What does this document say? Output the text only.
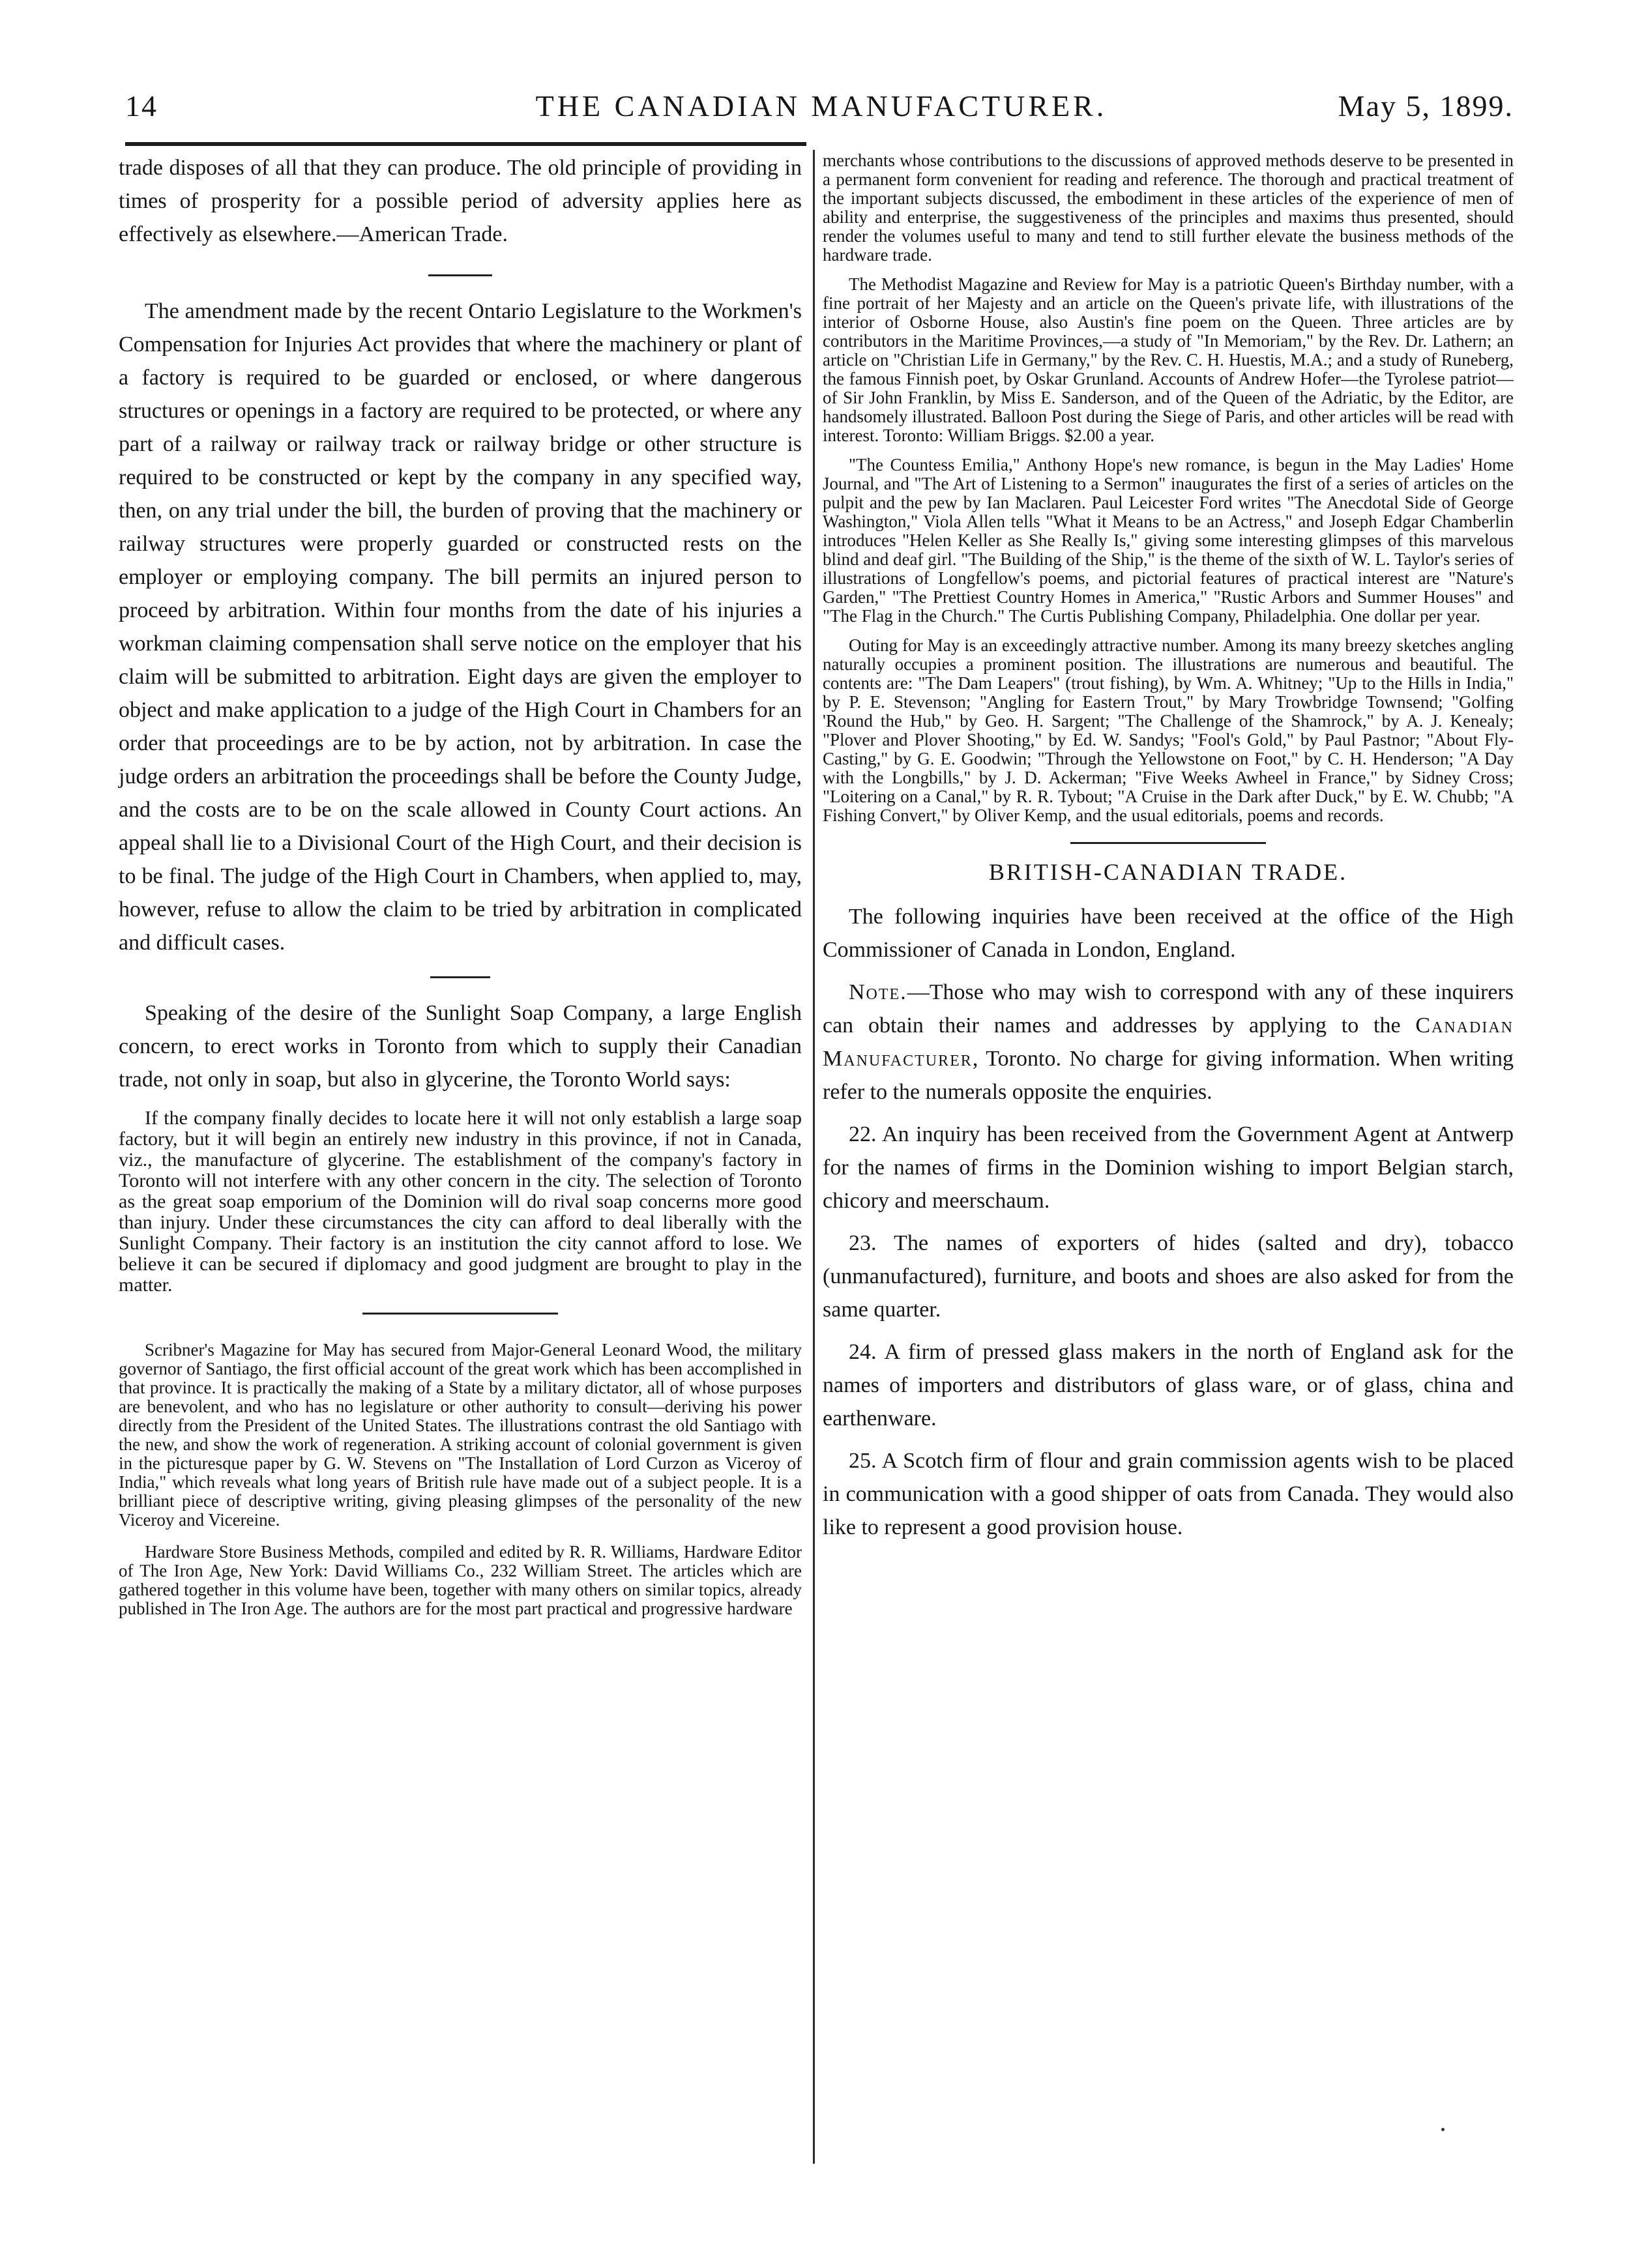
14	THE CANADIAN MANUFACTURER.	May 5, 1899.

trade disposes of all that they can produce. The old principle of providing in times of prosperity for a possible period of adversity applies here as effectively as elsewhere.—American Trade.

The amendment made by the recent Ontario Legislature to the Workmen's Compensation for Injuries Act provides that where the machinery or plant of a factory is required to be guarded or enclosed, or where dangerous structures or openings in a factory are required to be protected, or where any part of a railway or railway track or railway bridge or other structure is required to be constructed or kept by the company in any specified way, then, on any trial under the bill, the burden of proving that the machinery or railway structures were properly guarded or constructed rests on the employer or employing company. The bill permits an injured person to proceed by arbitration. Within four months from the date of his injuries a workman claiming compensation shall serve notice on the employer that his claim will be submitted to arbitration. Eight days are given the employer to object and make application to a judge of the High Court in Chambers for an order that proceedings are to be by action, not by arbitration. In case the judge orders an arbitration the proceedings shall be before the County Judge, and the costs are to be on the scale allowed in County Court actions. An appeal shall lie to a Divisional Court of the High Court, and their decision is to be final. The judge of the High Court in Chambers, when applied to, may, however, refuse to allow the claim to be tried by arbitration in complicated and difficult cases.

Speaking of the desire of the Sunlight Soap Company, a large English concern, to erect works in Toronto from which to supply their Canadian trade, not only in soap, but also in glycerine, the Toronto World says:

If the company finally decides to locate here it will not only establish a large soap factory, but it will begin an entirely new industry in this province, if not in Canada, viz., the manufacture of glycerine. The establishment of the company's factory in Toronto will not interfere with any other concern in the city. The selection of Toronto as the great soap emporium of the Dominion will do rival soap concerns more good than injury. Under these circumstances the city can afford to deal liberally with the Sunlight Company. Their factory is an institution the city cannot afford to lose. We believe it can be secured if diplomacy and good judgment are brought to play in the matter.

Scribner's Magazine for May has secured from Major-General Leonard Wood, the military governor of Santiago, the first official account of the great work which has been accomplished in that province. It is practically the making of a State by a military dictator, all of whose purposes are benevolent, and who has no legislature or other authority to consult—deriving his power directly from the President of the United States. The illustrations contrast the old Santiago with the new, and show the work of regeneration. A striking account of colonial government is given in the picturesque paper by G. W. Stevens on "The Installation of Lord Curzon as Viceroy of India," which reveals what long years of British rule have made out of a subject people. It is a brilliant piece of descriptive writing, giving pleasing glimpses of the personality of the new Viceroy and Vicereine.

Hardware Store Business Methods, compiled and edited by R. R. Williams, Hardware Editor of The Iron Age, New York: David Williams Co., 232 William Street. The articles which are gathered together in this volume have been, together with many others on similar topics, already published in The Iron Age. The authors are for the most part practical and progressive hardware

merchants whose contributions to the discussions of approved methods deserve to be presented in a permanent form convenient for reading and reference. The thorough and practical treatment of the important subjects discussed, the embodiment in these articles of the experience of men of ability and enterprise, the suggestiveness of the principles and maxims thus presented, should render the volumes useful to many and tend to still further elevate the business methods of the hardware trade.

The Methodist Magazine and Review for May is a patriotic Queen's Birthday number, with a fine portrait of her Majesty and an article on the Queen's private life, with illustrations of the interior of Osborne House, also Austin's fine poem on the Queen. Three articles are by contributors in the Maritime Provinces,—a study of "In Memoriam," by the Rev. Dr. Lathern; an article on "Christian Life in Germany," by the Rev. C. H. Huestis, M.A.; and a study of Runeberg, the famous Finnish poet, by Oskar Grunland. Accounts of Andrew Hofer—the Tyrolese patriot—of Sir John Franklin, by Miss E. Sanderson, and of the Queen of the Adriatic, by the Editor, are handsomely illustrated. Balloon Post during the Siege of Paris, and other articles will be read with interest. Toronto: William Briggs. $2.00 a year.

"The Countess Emilia," Anthony Hope's new romance, is begun in the May Ladies' Home Journal, and "The Art of Listening to a Sermon" inaugurates the first of a series of articles on the pulpit and the pew by Ian Maclaren. Paul Leicester Ford writes "The Anecdotal Side of George Washington," Viola Allen tells "What it Means to be an Actress," and Joseph Edgar Chamberlin introduces "Helen Keller as She Really Is," giving some interesting glimpses of this marvelous blind and deaf girl. "The Building of the Ship," is the theme of the sixth of W. L. Taylor's series of illustrations of Longfellow's poems, and pictorial features of practical interest are "Nature's Garden," "The Prettiest Country Homes in America," "Rustic Arbors and Summer Houses" and "The Flag in the Church." The Curtis Publishing Company, Philadelphia. One dollar per year.

Outing for May is an exceedingly attractive number. Among its many breezy sketches angling naturally occupies a prominent position. The illustrations are numerous and beautiful. The contents are: "The Dam Leapers" (trout fishing), by Wm. A. Whitney; "Up to the Hills in India," by P. E. Stevenson; "Angling for Eastern Trout," by Mary Trowbridge Townsend; "Golfing 'Round the Hub," by Geo. H. Sargent; "The Challenge of the Shamrock," by A. J. Kenealy; "Plover and Plover Shooting," by Ed. W. Sandys; "Fool's Gold," by Paul Pastnor; "About Fly-Casting," by G. E. Goodwin; "Through the Yellowstone on Foot," by C. H. Henderson; "A Day with the Longbills," by J. D. Ackerman; "Five Weeks Awheel in France," by Sidney Cross; "Loitering on a Canal," by R. R. Tybout; "A Cruise in the Dark after Duck," by E. W. Chubb; "A Fishing Convert," by Oliver Kemp, and the usual editorials, poems and records.

BRITISH-CANADIAN TRADE.

The following inquiries have been received at the office of the High Commissioner of Canada in London, England.

Note.—Those who may wish to correspond with any of these inquirers can obtain their names and addresses by applying to the Canadian Manufacturer, Toronto. No charge for giving information. When writing refer to the numerals opposite the enquiries.

22. An inquiry has been received from the Government Agent at Antwerp for the names of firms in the Dominion wishing to import Belgian starch, chicory and meerschaum.

23. The names of exporters of hides (salted and dry), tobacco (unmanufactured), furniture, and boots and shoes are also asked for from the same quarter.

24. A firm of pressed glass makers in the north of England ask for the names of importers and distributors of glass ware, or of glass, china and earthenware.

25. A Scotch firm of flour and grain commission agents wish to be placed in communication with a good shipper of oats from Canada. They would also like to represent a good provision house.
